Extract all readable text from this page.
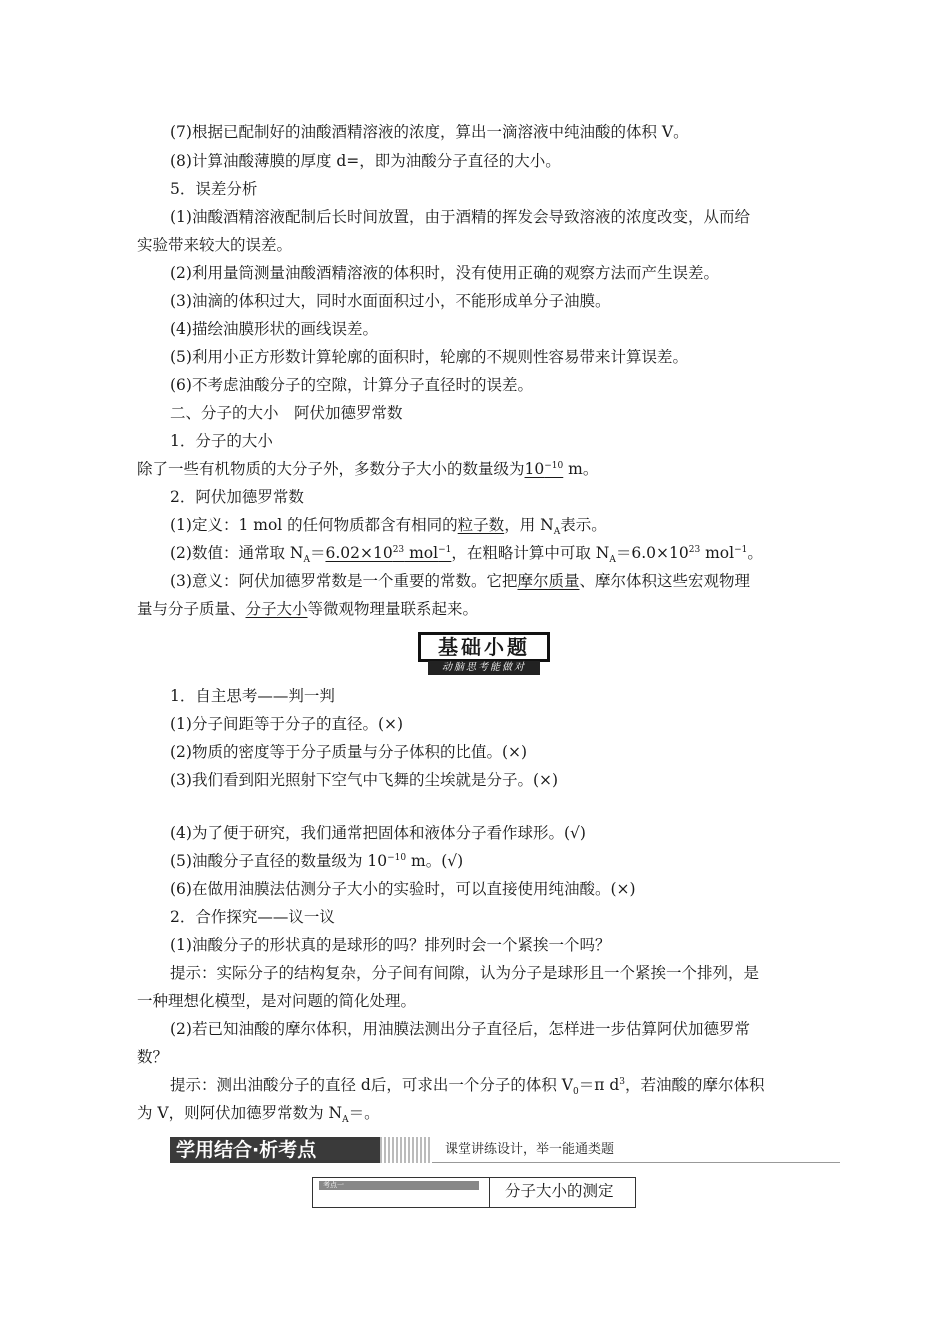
(7)根据已配制好的油酸酒精溶液的浓度，算出一滴溶液中纯油酸的体积 V。
(8)计算油酸薄膜的厚度 d=，即为油酸分子直径的大小。
5．误差分析
(1)油酸酒精溶液配制后长时间放置，由于酒精的挥发会导致溶液的浓度改变，从而给
实验带来较大的误差。
(2)利用量筒测量油酸酒精溶液的体积时，没有使用正确的观察方法而产生误差。
(3)油滴的体积过大，同时水面面积过小，不能形成单分子油膜。
(4)描绘油膜形状的画线误差。
(5)利用小正方形数计算轮廓的面积时，轮廓的不规则性容易带来计算误差。
(6)不考虑油酸分子的空隙，计算分子直径时的误差。
二、分子的大小　阿伏加德罗常数
1．分子的大小
除了一些有机物质的大分子外，多数分子大小的数量级为$10^{-10}$ m。
2．阿伏加德罗常数
(1)定义：1 mol 的任何物质都含有相同的粒子数，用 $N_A$表示。
(2)数值：通常取 $N_A=6.02\times 10^{23}$ mol$^{-1}$，在粗略计算中可取 $N_A=6.0\times 10^{23}$ mol$^{-1}$。
(3)意义：阿伏加德罗常数是一个重要的常数。它把摩尔质量、摩尔体积这些宏观物理
量与分子质量、分子大小等微观物理量联系起来。
基础小题
动脑思考能做对
1．自主思考——判一判
(1)分子间距等于分子的直径。(×)
(2)物质的密度等于分子质量与分子体积的比值。(×)
(3)我们看到阳光照射下空气中飞舞的尘埃就是分子。(×)
(4)为了便于研究，我们通常把固体和液体分子看作球形。(√)
(5)油酸分子直径的数量级为 $10^{-10}$ m。(√)
(6)在做用油膜法估测分子大小的实验时，可以直接使用纯油酸。(×)
2．合作探究——议一议
(1)油酸分子的形状真的是球形的吗？排列时会一个紧挨一个吗？
提示：实际分子的结构复杂，分子间有间隙，认为分子是球形且一个紧挨一个排列，是
一种理想化模型，是对问题的简化处理。
(2)若已知油酸的摩尔体积，用油膜法测出分子直径后，怎样进一步估算阿伏加德罗常
数？
提示：测出油酸分子的直径 d后，可求出一个分子的体积 $V_0=\pi$ $d^3$，若油酸的摩尔体积
为 V，则阿伏加德罗常数为 $N_A=$。
学用结合·析考点	课堂讲练设计，举一能通类题
考点一	分子大小的测定
